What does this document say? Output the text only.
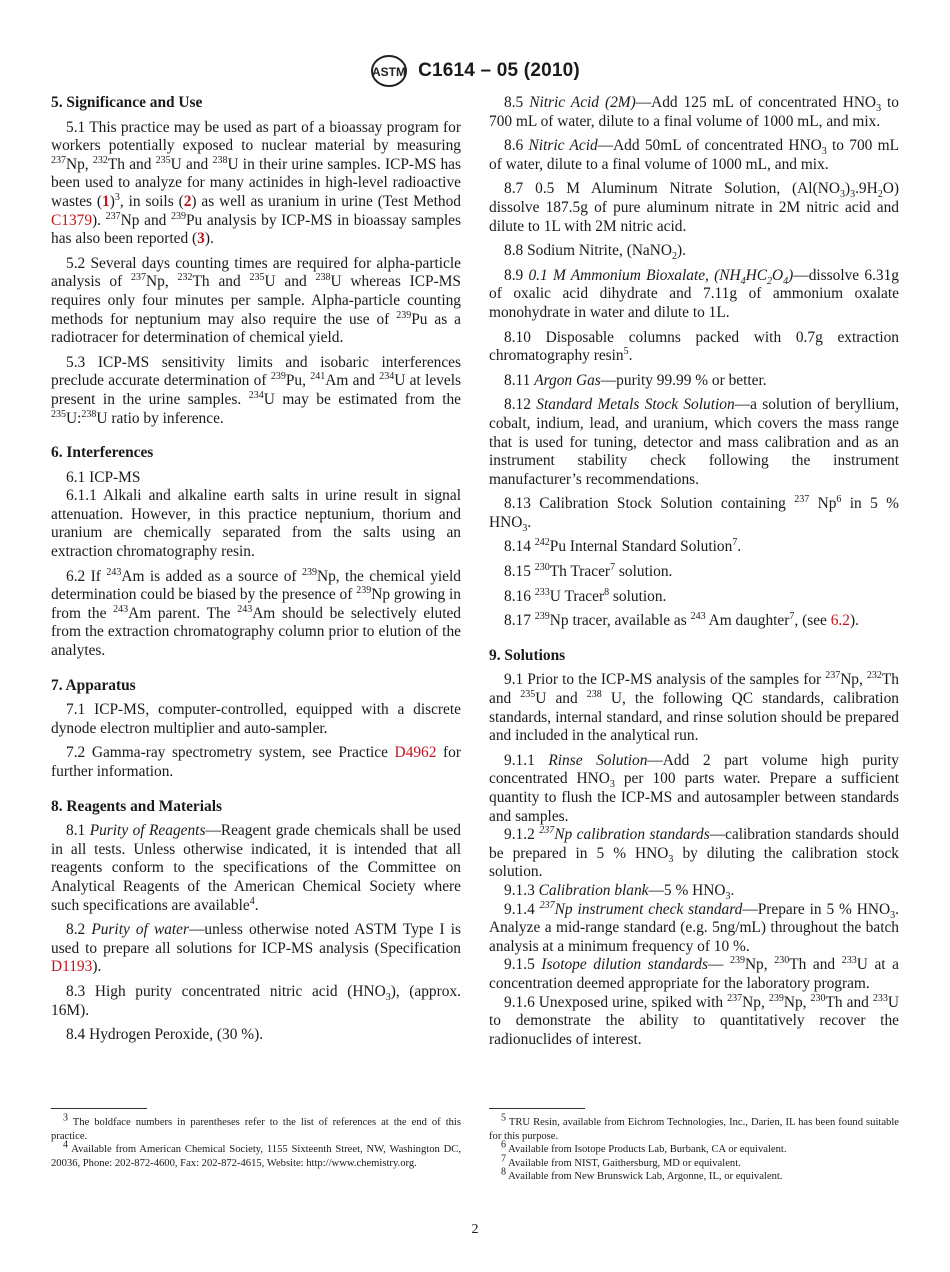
ASTM C1614 – 05 (2010)
5. Significance and Use

5.1 This practice may be used as part of a bioassay program for workers potentially exposed to nuclear material by measuring $^{237}$Np, $^{232}$Th and $^{235}$U and $^{238}$U in their urine samples. ICP-MS has been used to analyze for many actinides in high-level radioactive wastes $(1)^3$, in soils (2) as well as uranium in urine (Test Method C1379). $^{237}$Np and $^{239}$Pu analysis by ICP-MS in bioassay samples has also been reported (3).

5.2 Several days counting times are required for alpha-particle analysis of $^{237}$Np, $^{232}$Th and $^{235}$U and $^{238}$U whereas ICP-MS requires only four minutes per sample. Alpha-particle counting methods for neptunium may also require the use of $^{239}$Pu as a radiotracer for determination of chemical yield.

5.3 ICP-MS sensitivity limits and isobaric interferences preclude accurate determination of $^{239}$Pu, $^{241}$Am and $^{234}$U at levels present in the urine samples. $^{234}$U may be estimated from the $^{235}$U:$^{238}$U ratio by inference.

6. Interferences

6.1 ICP-MS

6.1.1 Alkali and alkaline earth salts in urine result in signal attenuation. However, in this practice neptunium, thorium and uranium are chemically separated from the salts using an extraction chromatography resin.

6.2 If $^{243}$Am is added as a source of $^{239}$Np, the chemical yield determination could be biased by the presence of $^{239}$Np growing in from the $^{243}$Am parent. The $^{243}$Am should be selectively eluted from the extraction chromatography column prior to elution of the analytes.

7. Apparatus

7.1 ICP-MS, computer-controlled, equipped with a discrete dynode electron multiplier and auto-sampler.

7.2 Gamma-ray spectrometry system, see Practice D4962 for further information.

8. Reagents and Materials

8.1 Purity of Reagents—Reagent grade chemicals shall be used in all tests. Unless otherwise indicated, it is intended that all reagents conform to the specifications of the Committee on Analytical Reagents of the American Chemical Society where such specifications are available$^4$.

8.2 Purity of water—unless otherwise noted ASTM Type I is used to prepare all solutions for ICP-MS analysis (Specification D1193).

8.3 High purity concentrated nitric acid $(HNO_3)$, (approx. 16M).

8.4 Hydrogen Peroxide, (30 %).

8.5 Nitric Acid (2M)—Add 125 mL of concentrated $HNO_3$ to 700 mL of water, dilute to a final volume of 1000 mL, and mix.

8.6 Nitric Acid—Add 50mL of concentrated $HNO_3$ to 700 mL of water, dilute to a final volume of 1000 mL, and mix.

8.7 0.5 M Aluminum Nitrate Solution, $(Al(NO_3)_3.9H_2O)$ dissolve 187.5g of pure aluminum nitrate in 2M nitric acid and dilute to 1L with 2M nitric acid.

8.8 Sodium Nitrite, (NaNO$_2$).

8.9 0.1 M Ammonium Bioxalate, $(NH_4HC_2O_4)—dissolve$ 6.31g of oxalic acid dihydrate and 7.11g of ammonium oxalate monohydrate in water and dilute to 1L.

8.10 Disposable columns packed with 0.7g extraction chromatography resin$^5$.

8.11 Argon Gas—purity 99.99 % or better.

8.12 Standard Metals Stock Solution—a solution of beryllium, cobalt, indium, lead, and uranium, which covers the mass range that is used for tuning, detector and mass calibration and as an instrument stability check following the instrument manufacturer’s recommendations.

8.13 Calibration Stock Solution containing $^{237}$ Np$^6$ in 5 % $HNO_3$.

8.14 $^{242}$Pu Internal Standard Solution$^7$.

8.15 $^{230}$Th Tracer$^7$ solution.

8.16 $^{233}$U Tracer$^8$ solution.

8.17 $^{239}$Np tracer, available as $^{243}$ Am daughter$^7$, (see 6.2).

9. Solutions

9.1 Prior to the ICP-MS analysis of the samples for $^{237}$Np, $^{232}$Th and $^{235}$U and $^{238}$ U, the following QC standards, calibration standards, internal standard, and rinse solution should be prepared and included in the analytical run.

9.1.1 Rinse Solution—Add 2 part volume high purity concentrated $HNO_3$ per 100 parts water. Prepare a sufficient quantity to flush the ICP-MS and autosampler between standards and samples.

9.1.2 $^{237}$Np calibration standards—calibration standards should be prepared in 5 % $HNO_3$ by diluting the calibration stock solution.

9.1.3 Calibration blank—5 % $HNO_3$.

9.1.4 $^{237}$Np instrument check standard—Prepare in 5 % $HNO_3$. Analyze a mid-range standard (e.g. 5ng/mL) throughout the batch analysis at a minimum frequency of 10 %.

9.1.5 Isotope dilution standards— $^{239}$Np, $^{230}$Th and $^{233}$U at a concentration deemed appropriate for the laboratory program.

9.1.6 Unexposed urine, spiked with $^{237}$Np, $^{239}$Np, $^{230}$Th and $^{233}$U to demonstrate the ability to quantitatively recover the radionuclides of interest.

$^3$ The boldface numbers in parentheses refer to the list of references at the end of this practice.

$^4$ Available from American Chemical Society, 1155 Sixteenth Street, NW, Washington DC, 20036, Phone: 202-872-4600, Fax: 202-872-4615, Website: http://www.chemistry.org.

$^5$ TRU Resin, available from Eichrom Technologies, Inc., Darien, IL has been found suitable for this purpose.

$^6$ Available from Isotope Products Lab, Burbank, CA or equivalent.

$^7$ Available from NIST, Gaithersburg, MD or equivalent.

$^8$ Available from New Brunswick Lab, Argonne, IL, or equivalent.

2
